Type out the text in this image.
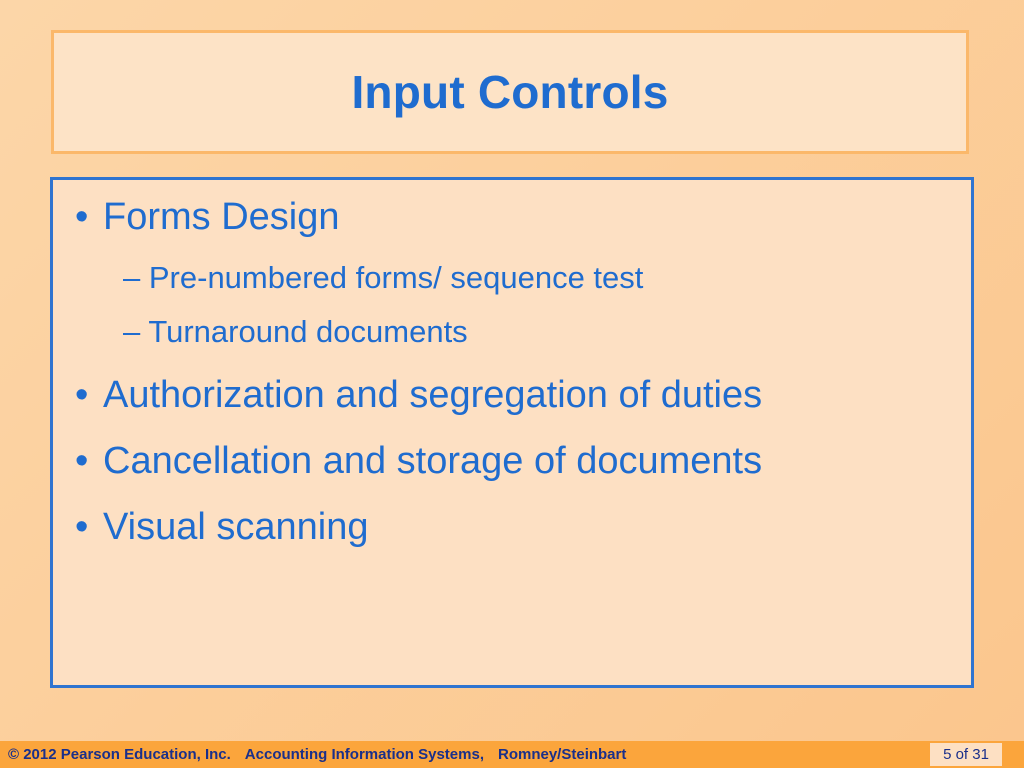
Input Controls
• Forms Design
– Pre-numbered forms/ sequence test
– Turnaround documents
• Authorization and segregation of duties
• Cancellation and storage of documents
• Visual scanning
© 2012 Pearson Education, Inc. Accounting Information Systems, Romney/Steinbart	5 of 31
